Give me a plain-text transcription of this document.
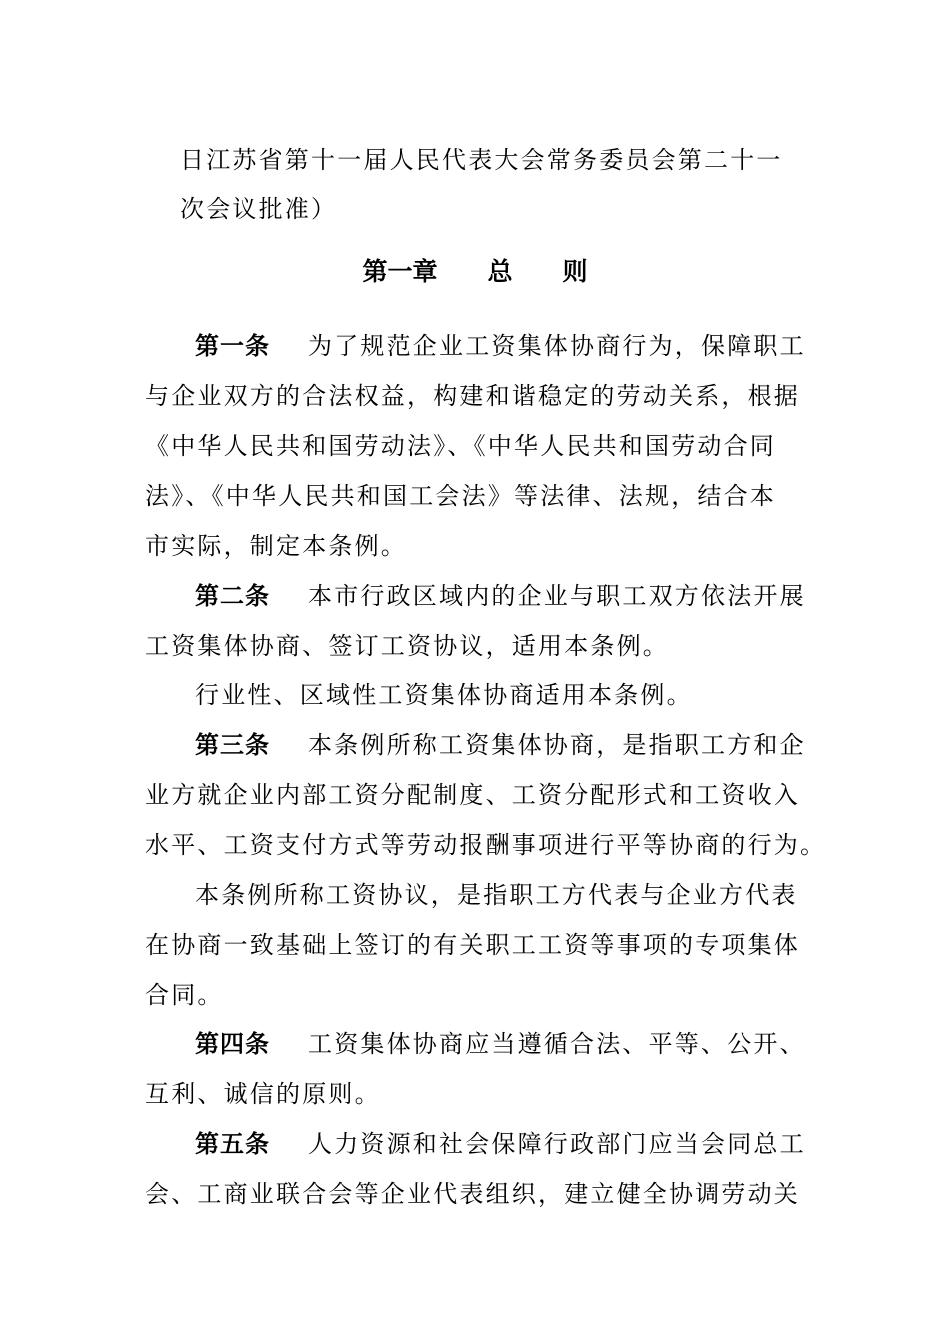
日江苏省第十一届人民代表大会常务委员会第二十一
次会议批准）
第一章　　总　　则
第一条 为了规范企业工资集体协商行为，保障职工
与企业双方的合法权益，构建和谐稳定的劳动关系，根据
《中华人民共和国劳动法》、《中华人民共和国劳动合同
法》、《中华人民共和国工会法》等法律、法规，结合本
市实际，制定本条例。
第二条 本市行政区域内的企业与职工双方依法开展
工资集体协商、签订工资协议，适用本条例。
行业性、区域性工资集体协商适用本条例。
第三条 本条例所称工资集体协商，是指职工方和企
业方就企业内部工资分配制度、工资分配形式和工资收入
水平、工资支付方式等劳动报酬事项进行平等协商的行为。
本条例所称工资协议，是指职工方代表与企业方代表
在协商一致基础上签订的有关职工工资等事项的专项集体
合同。
第四条 工资集体协商应当遵循合法、平等、公开、
互利、诚信的原则。
第五条 人力资源和社会保障行政部门应当会同总工
会、工商业联合会等企业代表组织，建立健全协调劳动关
